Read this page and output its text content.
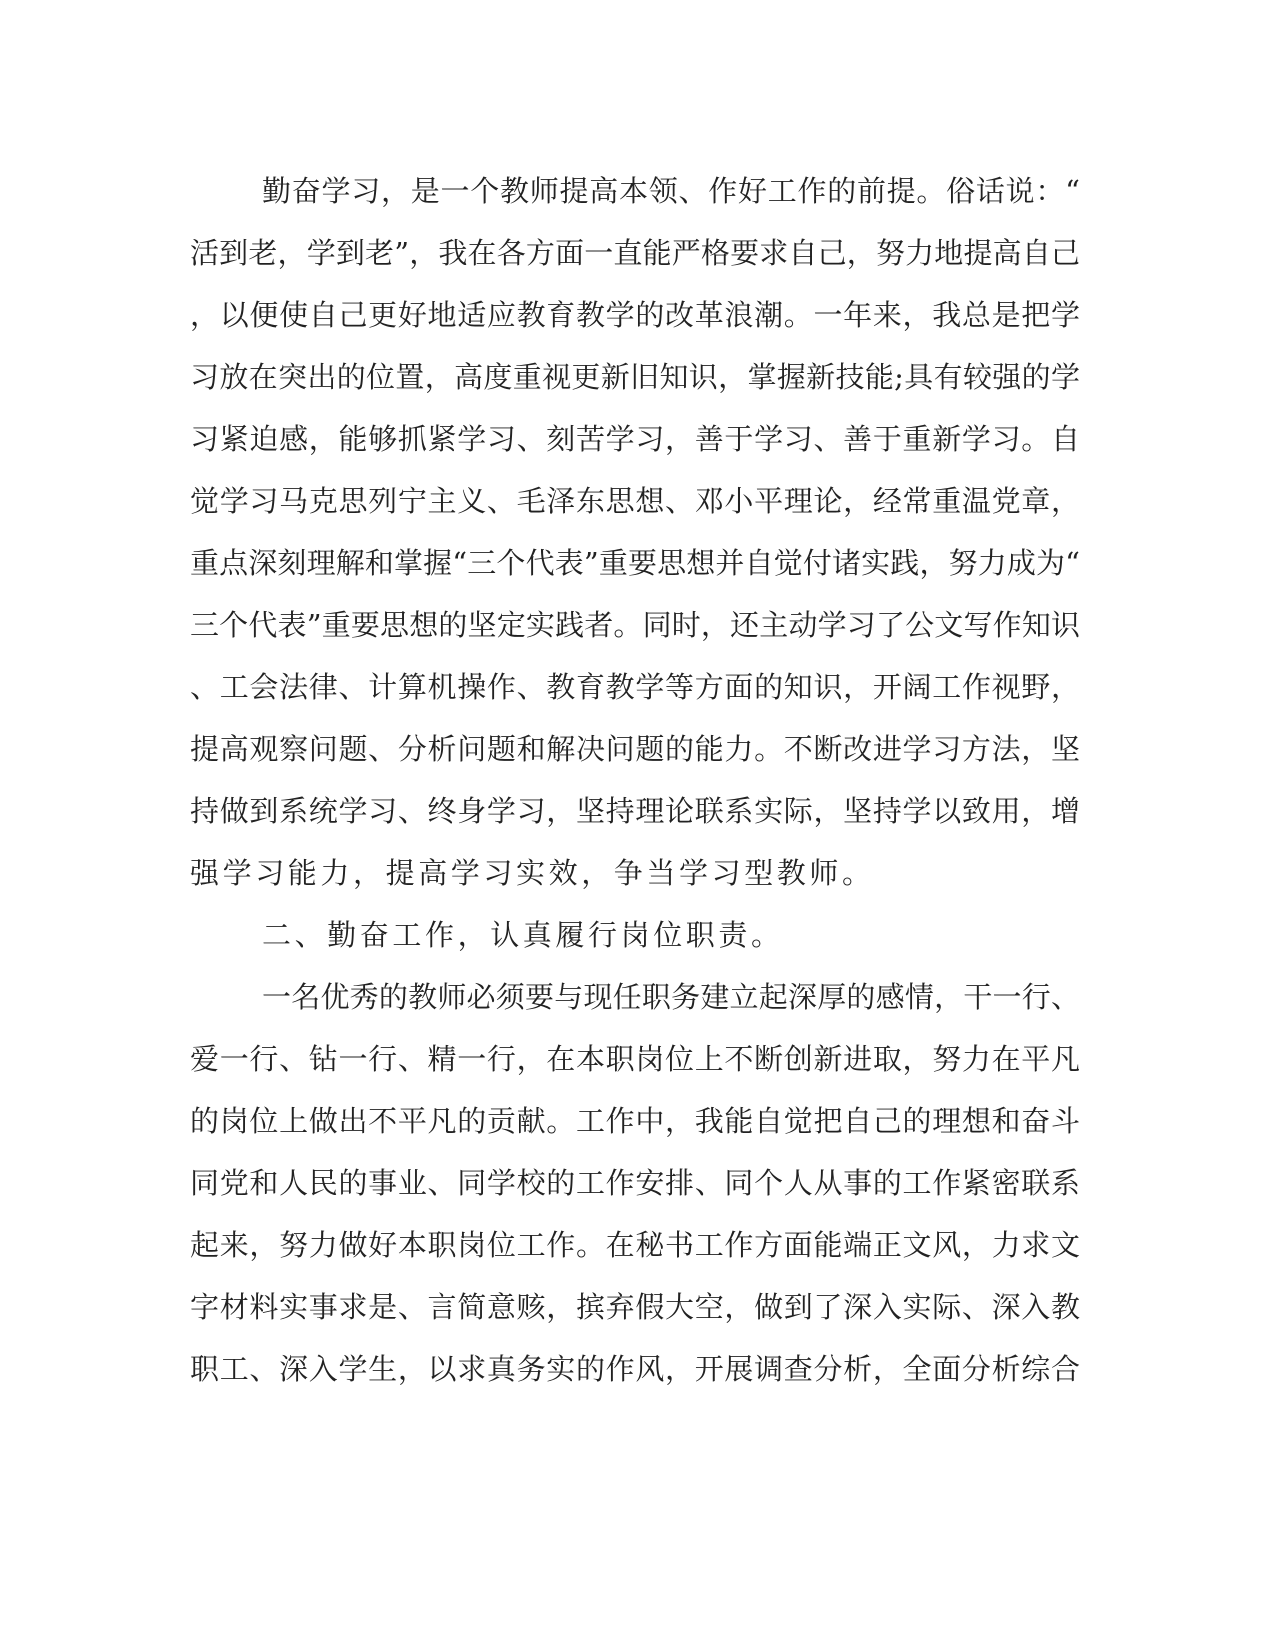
勤奋学习，是一个教师提高本领、作好工作的前提。俗话说：“
活到老，学到老”，我在各方面一直能严格要求自己，努力地提高自己
，以便使自己更好地适应教育教学的改革浪潮。一年来，我总是把学
习放在突出的位置，高度重视更新旧知识，掌握新技能;具有较强的学
习紧迫感，能够抓紧学习、刻苦学习，善于学习、善于重新学习。自
觉学习马克思列宁主义、毛泽东思想、邓小平理论，经常重温党章，
重点深刻理解和掌握“三个代表”重要思想并自觉付诸实践，努力成为“
三个代表”重要思想的坚定实践者。同时，还主动学习了公文写作知识
、工会法律、计算机操作、教育教学等方面的知识，开阔工作视野，
提高观察问题、分析问题和解决问题的能力。不断改进学习方法，坚
持做到系统学习、终身学习，坚持理论联系实际，坚持学以致用，增
强学习能力，提高学习实效，争当学习型教师。
二、勤奋工作，认真履行岗位职责。
一名优秀的教师必须要与现任职务建立起深厚的感情，干一行、
爱一行、钻一行、精一行，在本职岗位上不断创新进取，努力在平凡
的岗位上做出不平凡的贡献。工作中，我能自觉把自己的理想和奋斗
同党和人民的事业、同学校的工作安排、同个人从事的工作紧密联系
起来，努力做好本职岗位工作。在秘书工作方面能端正文风，力求文
字材料实事求是、言简意赅，摈弃假大空，做到了深入实际、深入教
职工、深入学生，以求真务实的作风，开展调查分析，全面分析综合
